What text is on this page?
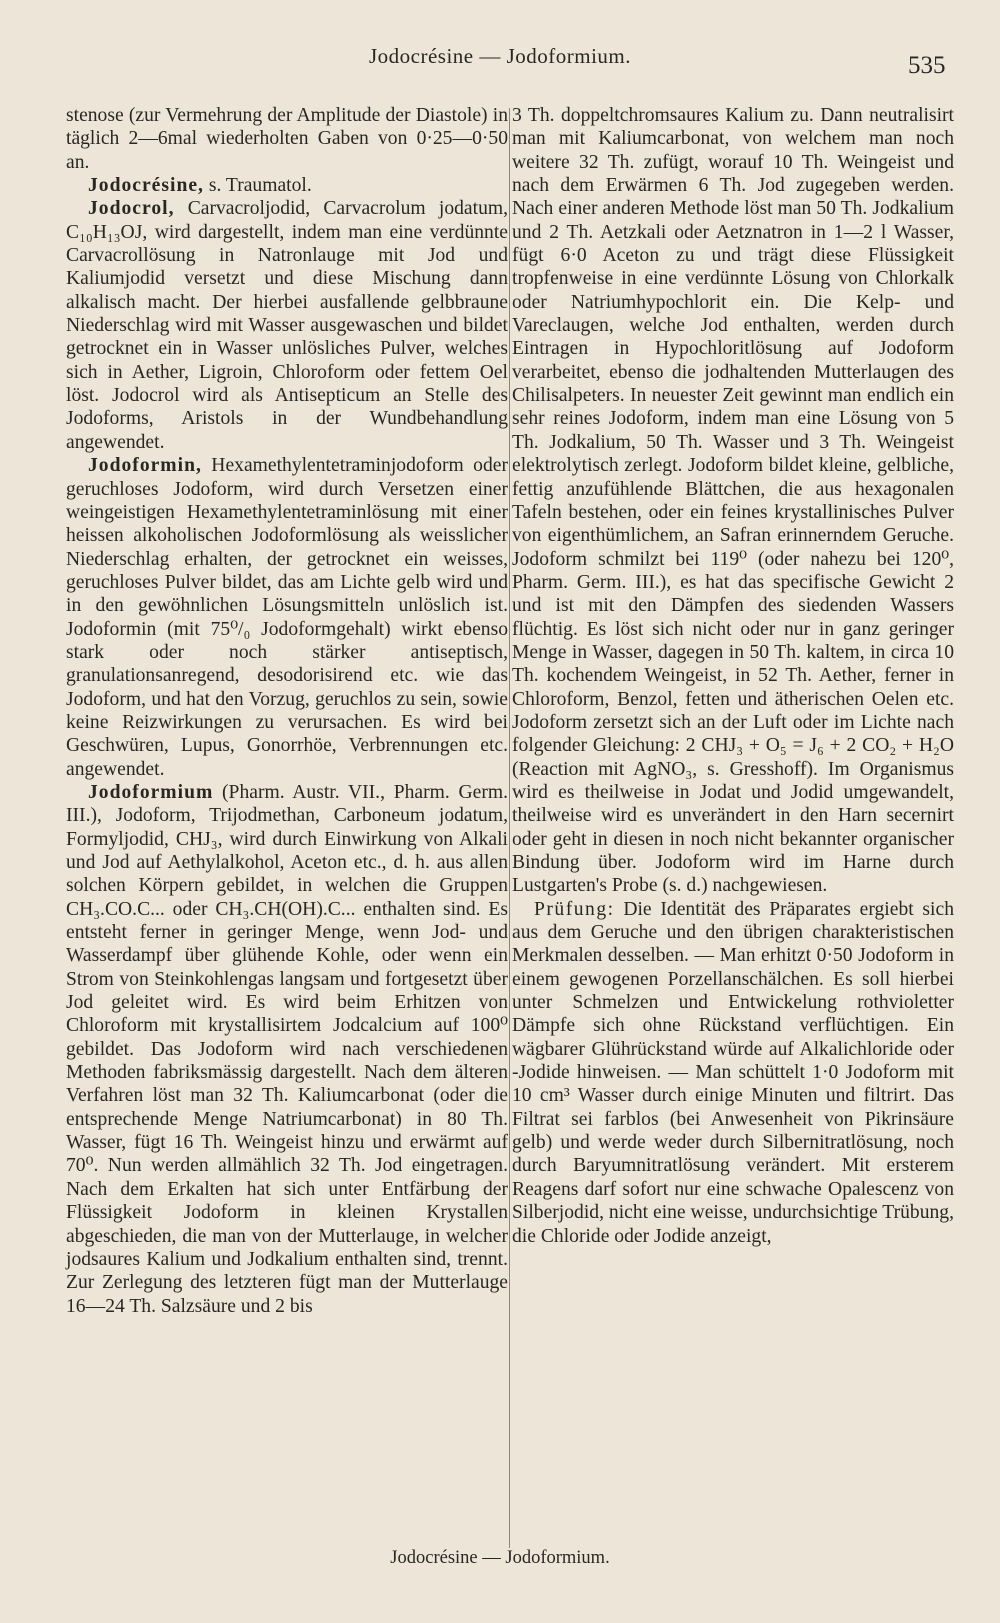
Jodocrésine — Jodoformium.	535

stenose (zur Vermehrung der Amplitude der Diastole) in täglich 2—6mal wiederholten Gaben von 0·25—0·50 an.

Jodocrésine, s. Traumatol.

Jodocrol, Carvacroljodid, Carvacrolum jodatum, C₁₀H₁₃OJ, wird dargestellt, indem man eine verdünnte Carvacrollösung in Natronlauge mit Jod und Kaliumjodid versetzt und diese Mischung dann alkalisch macht. Der hierbei ausfallende gelbbraune Niederschlag wird mit Wasser ausgewaschen und bildet getrocknet ein in Wasser unlösliches Pulver, welches sich in Aether, Ligroin, Chloroform oder fettem Oel löst. Jodocrol wird als Antisepticum an Stelle des Jodoforms, Aristols in der Wundbehandlung angewendet.

Jodoformin, Hexamethylentetraminjodoform oder geruchloses Jodoform, wird durch Versetzen einer weingeistigen Hexamethylentetraminlösung mit einer heissen alkoholischen Jodoformlösung als weisslicher Niederschlag erhalten, der getrocknet ein weisses, geruchloses Pulver bildet, das am Lichte gelb wird und in den gewöhnlichen Lösungsmitteln unlöslich ist. Jodoformin (mit 75⁰/₀ Jodoformgehalt) wirkt ebenso stark oder noch stärker antiseptisch, granulationsanregend, desodorisirend etc. wie das Jodoform, und hat den Vorzug, geruchlos zu sein, sowie keine Reizwirkungen zu verursachen. Es wird bei Geschwüren, Lupus, Gonorrhöe, Verbrennungen etc. angewendet.

Jodoformium (Pharm. Austr. VII., Pharm. Germ. III.), Jodoform, Trijodmethan, Carboneum jodatum, Formyljodid, CHJ₃, wird durch Einwirkung von Alkali und Jod auf Aethylalkohol, Aceton etc., d. h. aus allen solchen Körpern gebildet, in welchen die Gruppen CH₃.CO.C... oder CH₃.CH(OH).C... enthalten sind. Es entsteht ferner in geringer Menge, wenn Jod- und Wasserdampf über glühende Kohle, oder wenn ein Strom von Steinkohlengas langsam und fortgesetzt über Jod geleitet wird. Es wird beim Erhitzen von Chloroform mit krystallisirtem Jodcalcium auf 100⁰ gebildet. Das Jodoform wird nach verschiedenen Methoden fabriksmässig dargestellt. Nach dem älteren Verfahren löst man 32 Th. Kaliumcarbonat (oder die entsprechende Menge Natriumcarbonat) in 80 Th. Wasser, fügt 16 Th. Weingeist hinzu und erwärmt auf 70⁰. Nun werden allmählich 32 Th. Jod eingetragen. Nach dem Erkalten hat sich unter Entfärbung der Flüssigkeit Jodoform in kleinen Krystallen abgeschieden, die man von der Mutterlauge, in welcher jodsaures Kalium und Jodkalium enthalten sind, trennt. Zur Zerlegung des letzteren fügt man der Mutterlauge 16—24 Th. Salzsäure und 2 bis

3 Th. doppeltchromsaures Kalium zu. Dann neutralisirt man mit Kaliumcarbonat, von welchem man noch weitere 32 Th. zufügt, worauf 10 Th. Weingeist und nach dem Erwärmen 6 Th. Jod zugegeben werden. Nach einer anderen Methode löst man 50 Th. Jodkalium und 2 Th. Aetzkali oder Aetznatron in 1—2 l Wasser, fügt 6·0 Aceton zu und trägt diese Flüssigkeit tropfenweise in eine verdünnte Lösung von Chlorkalk oder Natriumhypochlorit ein. Die Kelp- und Vareclaugen, welche Jod enthalten, werden durch Eintragen in Hypochloritlösung auf Jodoform verarbeitet, ebenso die jodhaltenden Mutterlaugen des Chilisalpeters. In neuester Zeit gewinnt man endlich ein sehr reines Jodoform, indem man eine Lösung von 5 Th. Jodkalium, 50 Th. Wasser und 3 Th. Weingeist elektrolytisch zerlegt. Jodoform bildet kleine, gelbliche, fettig anzufühlende Blättchen, die aus hexagonalen Tafeln bestehen, oder ein feines krystallinisches Pulver von eigenthümlichem, an Safran erinnerndem Geruche. Jodoform schmilzt bei 119⁰ (oder nahezu bei 120⁰, Pharm. Germ. III.), es hat das specifische Gewicht 2 und ist mit den Dämpfen des siedenden Wassers flüchtig. Es löst sich nicht oder nur in ganz geringer Menge in Wasser, dagegen in 50 Th. kaltem, in circa 10 Th. kochendem Weingeist, in 52 Th. Aether, ferner in Chloroform, Benzol, fetten und ätherischen Oelen etc. Jodoform zersetzt sich an der Luft oder im Lichte nach folgender Gleichung: 2 CHJ₃ + O₅ = J₆ + 2 CO₂ + H₂O (Reaction mit AgNO₃, s. Gresshoff). Im Organismus wird es theilweise in Jodat und Jodid umgewandelt, theilweise wird es unverändert in den Harn secernirt oder geht in diesen in noch nicht bekannter organischer Bindung über. Jodoform wird im Harne durch Lustgarten's Probe (s. d.) nachgewiesen.

Prüfung: Die Identität des Präparates ergiebt sich aus dem Geruche und den übrigen charakteristischen Merkmalen desselben. — Man erhitzt 0·50 Jodoform in einem gewogenen Porzellanschälchen. Es soll hierbei unter Schmelzen und Entwickelung rothvioletter Dämpfe sich ohne Rückstand verflüchtigen. Ein wägbarer Glührückstand würde auf Alkalichloride oder -Jodide hinweisen. — Man schüttelt 1·0 Jodoform mit 10 cm³ Wasser durch einige Minuten und filtrirt. Das Filtrat sei farblos (bei Anwesenheit von Pikrinsäure gelb) und werde weder durch Silbernitratlösung, noch durch Baryumnitratlösung verändert. Mit ersterem Reagens darf sofort nur eine schwache Opalescenz von Silberjodid, nicht eine weisse, undurchsichtige Trübung, die Chloride oder Jodide anzeigt,

Jodocrésine — Jodoformium.
